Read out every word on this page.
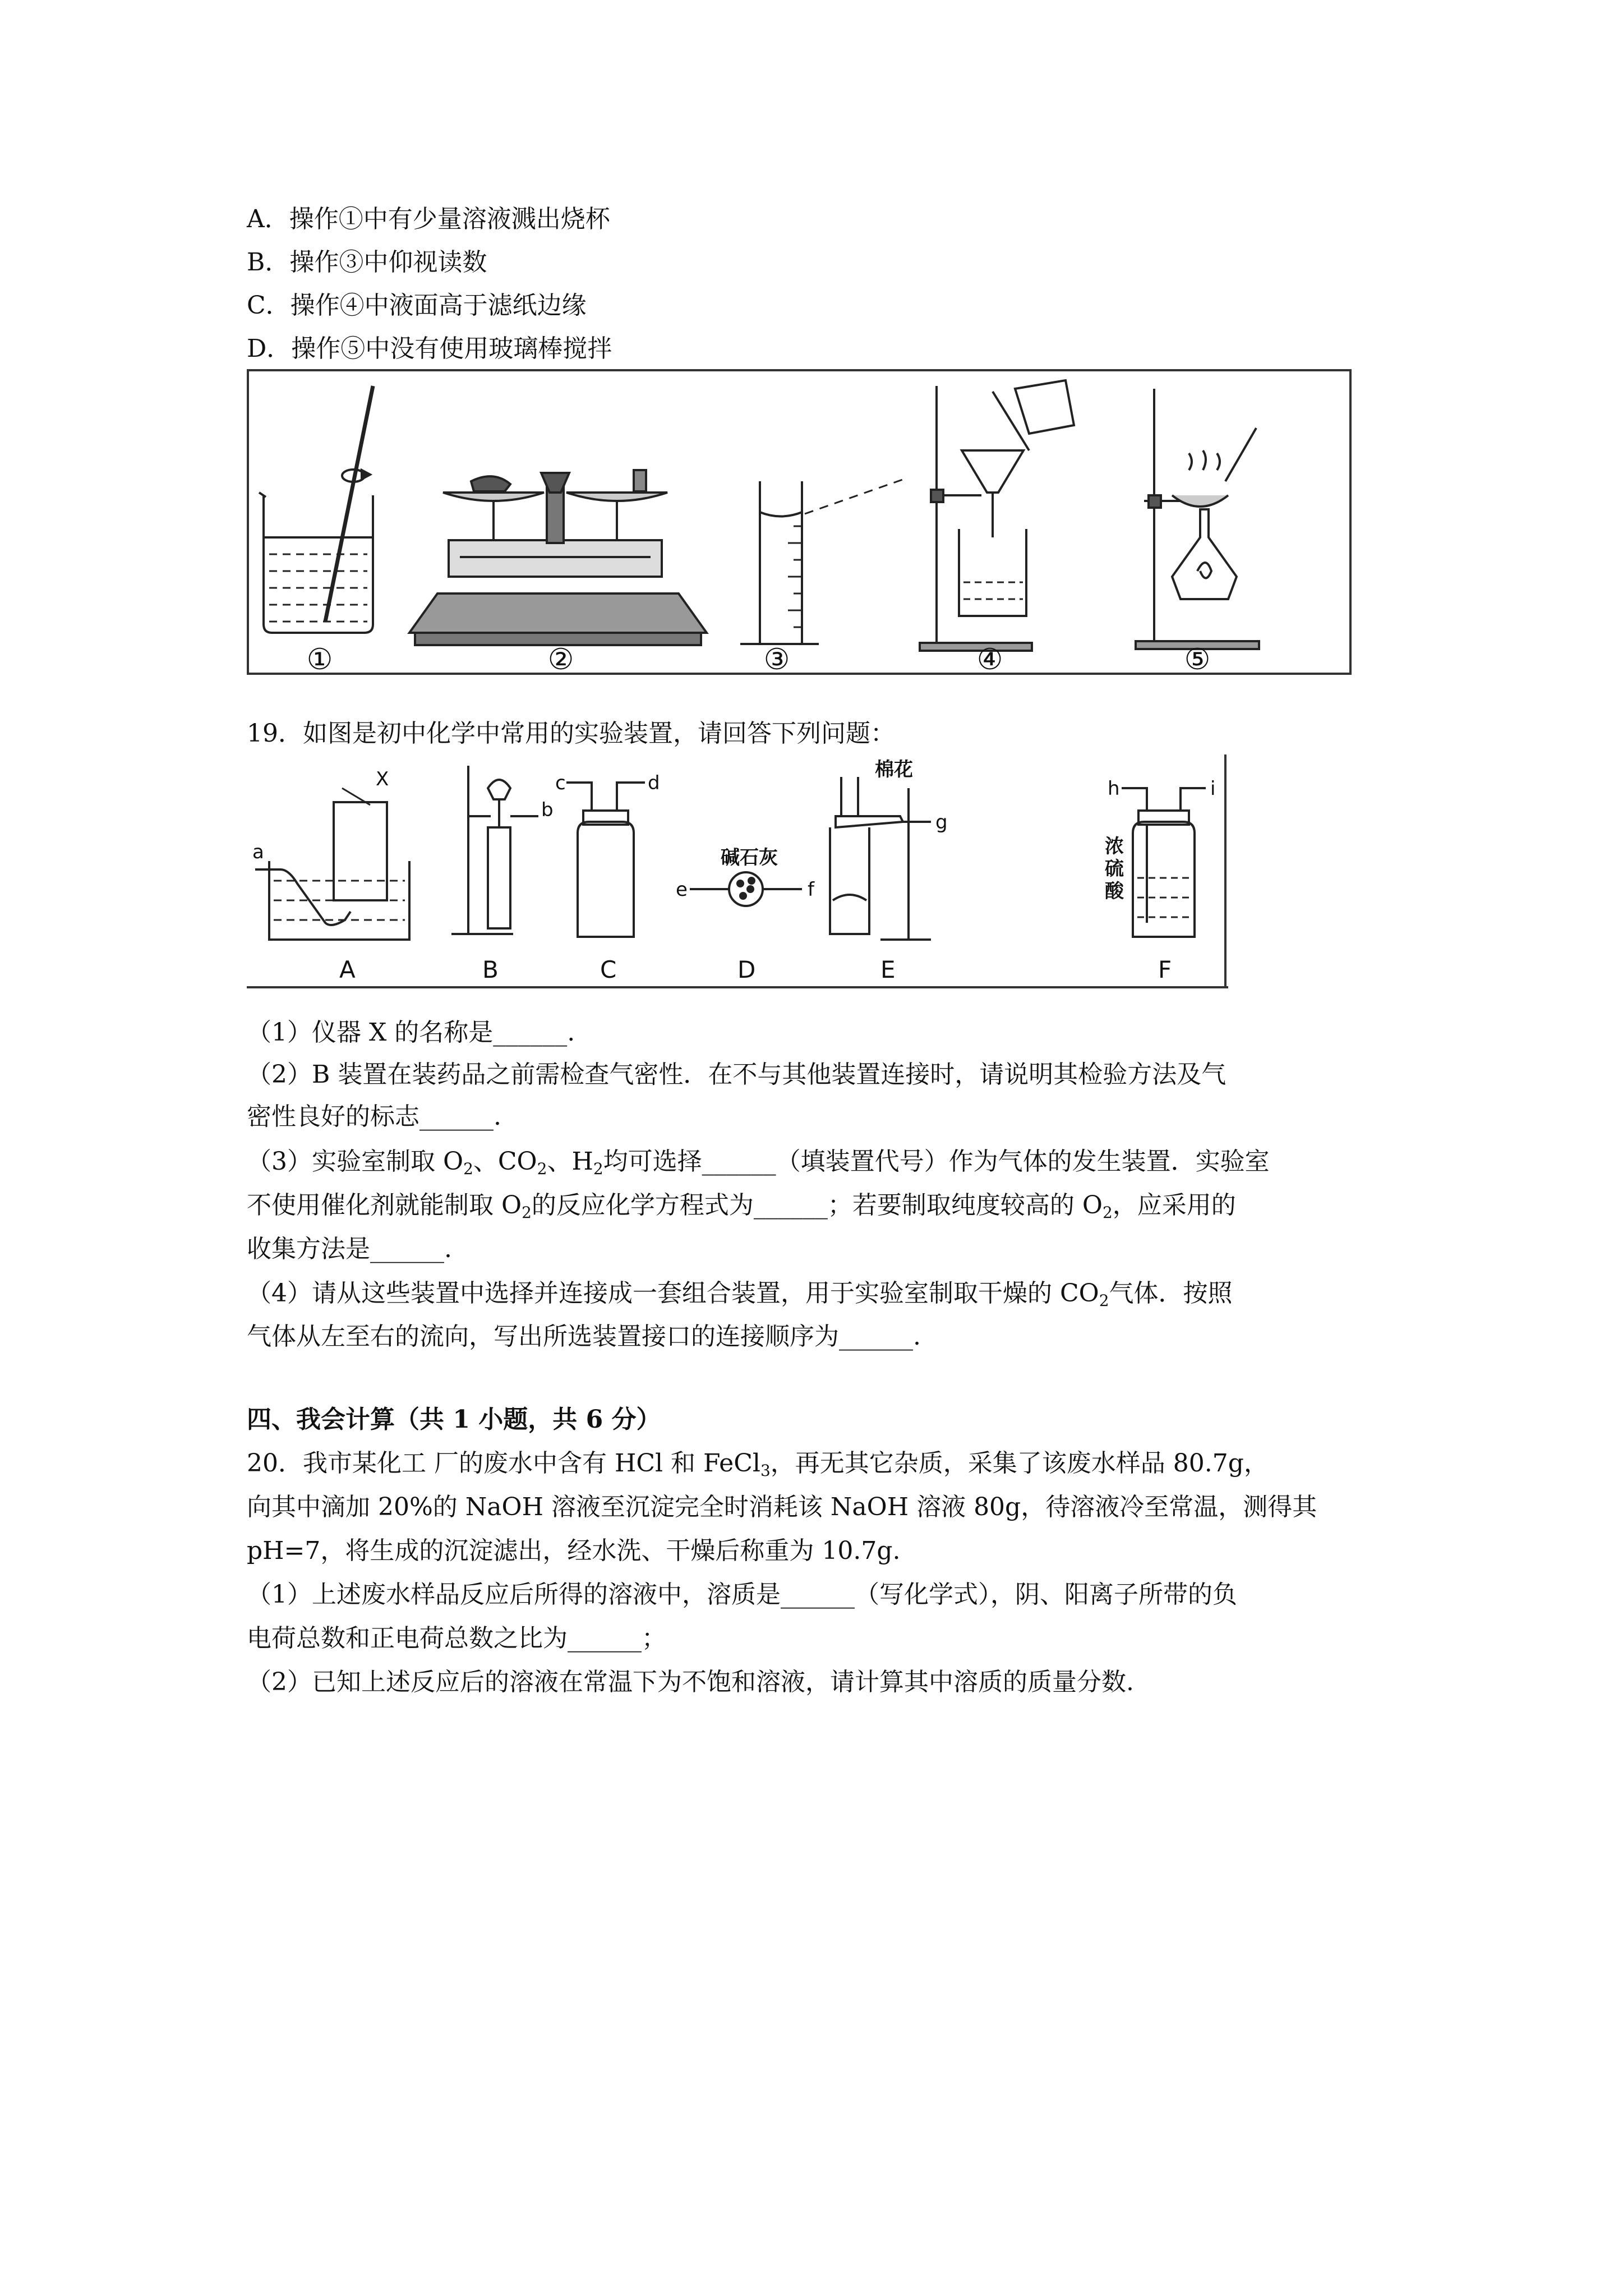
A．操作①中有少量溶液溅出烧杯
B．操作③中仰视读数
C．操作④中液面高于滤纸边缘
D．操作⑤中没有使用玻璃棒搅拌
①	②	③	④	⑤
19．如图是初中化学中常用的实验装置，请回答下列问题：
A	B	C	D	E	F
X
a
b
c	d
e	f
g
h	i
碱石灰
棉花
浓
硫
酸
（1）仪器 X 的名称是______.
（2）B 装置在装药品之前需检查气密性．在不与其他装置连接时，请说明其检验方法及气
密性良好的标志______.
（3）实验室制取 $O_2$、$CO_2$、$H_2$均可选择______（填装置代号）作为气体的发生装置．实验室
不使用催化剂就能制取 $O_2$的反应化学方程式为______；若要制取纯度较高的 $O_2$，应采用的
收集方法是______.
（4）请从这些装置中选择并连接成一套组合装置，用于实验室制取干燥的 $CO_2$气体．按照
气体从左至右的流向，写出所选装置接口的连接顺序为______.
四、我会计算（共 1 小题，共 6 分）
20．我市某化工 厂的废水中含有 HCl 和 FeCl$_3$，再无其它杂质，采集了该废水样品 80.7g，
向其中滴加 20%的 NaOH 溶液至沉淀完全时消耗该 NaOH 溶液 80g，待溶液冷至常温，测得其
pH=7，将生成的沉淀滤出，经水洗、干燥后称重为 10.7g.
（1）上述废水样品反应后所得的溶液中，溶质是______（写化学式），阴、阳离子所带的负
电荷总数和正电荷总数之比为______；
（2）已知上述反应后的溶液在常温下为不饱和溶液，请计算其中溶质的质量分数.
